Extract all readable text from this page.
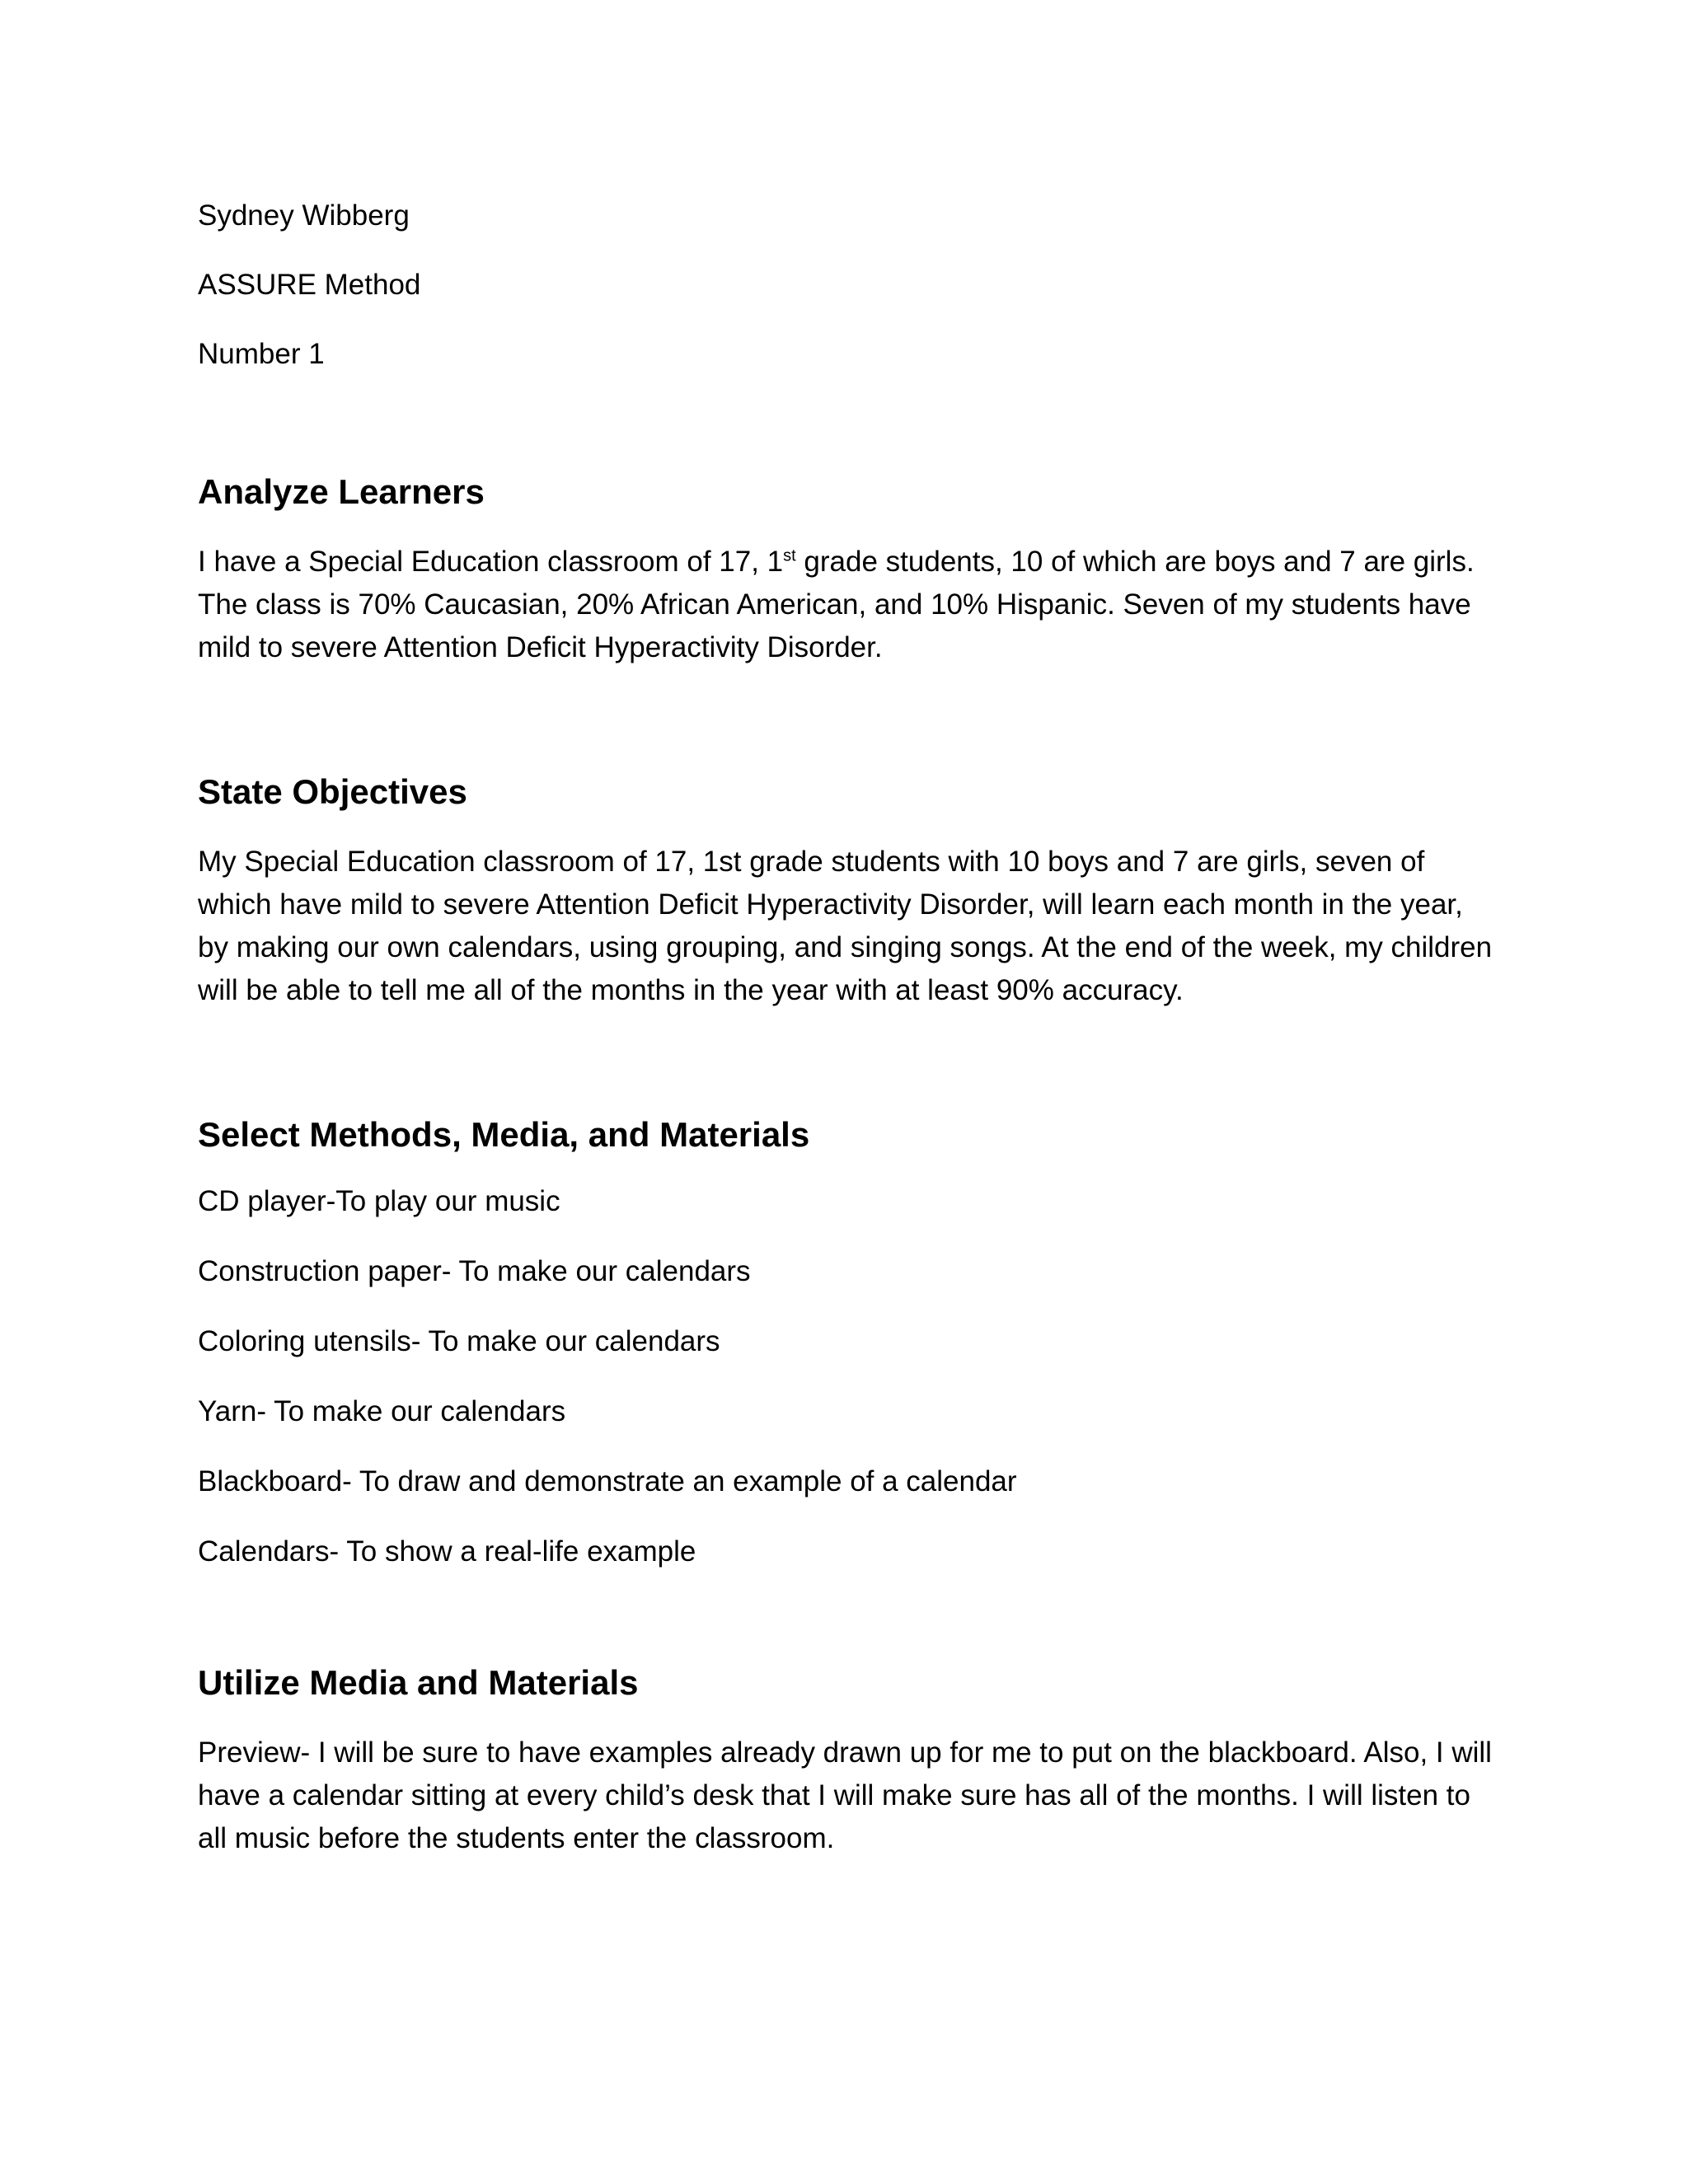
Sydney Wibberg

ASSURE Method

Number 1

Analyze Learners

I have a Special Education classroom of 17, 1st grade students, 10 of which are boys and 7 are girls. The class is 70% Caucasian, 20% African American, and 10% Hispanic. Seven of my students have mild to severe Attention Deficit Hyperactivity Disorder.

State Objectives

My Special Education classroom of 17, 1st grade students with 10 boys and 7 are girls, seven of which have mild to severe Attention Deficit Hyperactivity Disorder, will learn each month in the year, by making our own calendars, using grouping, and singing songs. At the end of the week, my children will be able to tell me all of the months in the year with at least 90% accuracy.

Select Methods, Media, and Materials

CD player-To play our music

Construction paper- To make our calendars

Coloring utensils- To make our calendars

Yarn- To make our calendars

Blackboard- To draw and demonstrate an example of a calendar

Calendars- To show a real-life example

Utilize Media and Materials

Preview- I will be sure to have examples already drawn up for me to put on the blackboard. Also, I will have a calendar sitting at every child’s desk that I will make sure has all of the months. I will listen to all music before the students enter the classroom.
